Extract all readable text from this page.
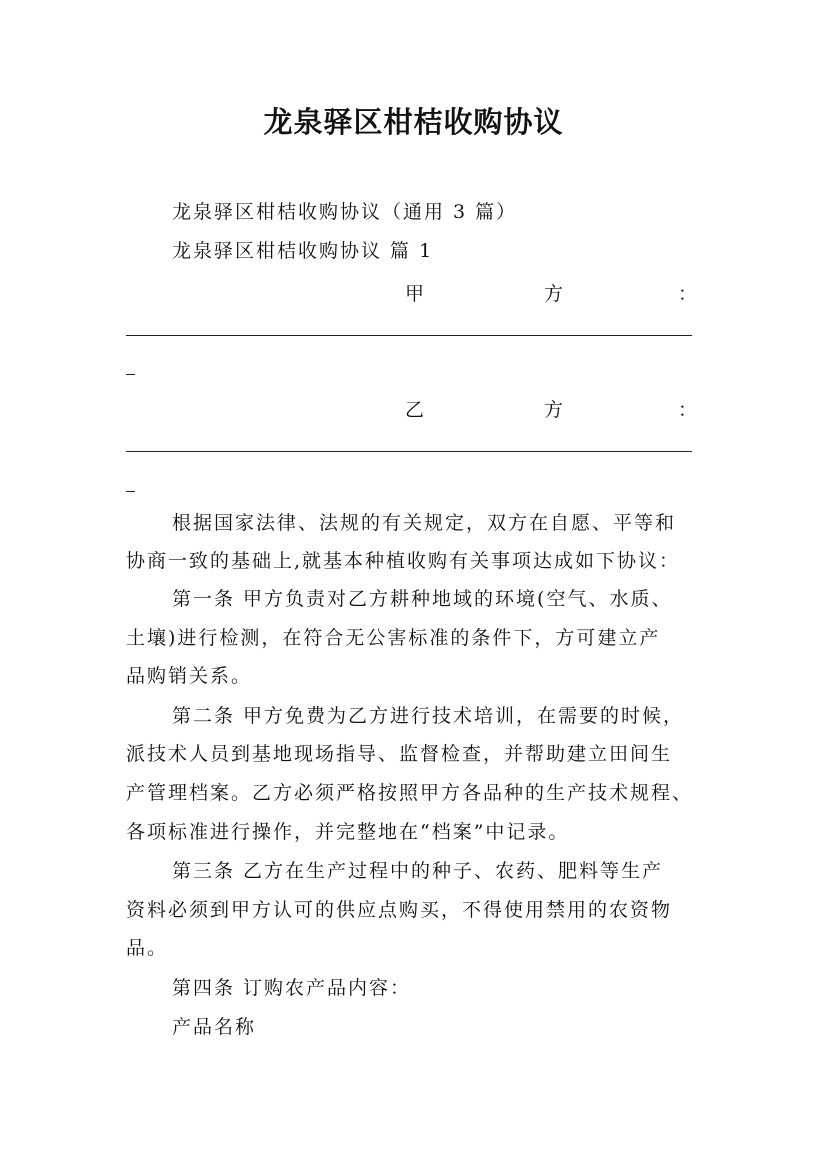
龙泉驿区柑桔收购协议
龙泉驿区柑桔收购协议（通用 3 篇）
龙泉驿区柑桔收购协议 篇 1
甲	方	：
乙	方	：
根据国家法律、法规的有关规定，双方在自愿、平等和
协商一致的基础上,就基本种植收购有关事项达成如下协议：
第一条 甲方负责对乙方耕种地域的环境(空气、水质、
土壤)进行检测，在符合无公害标准的条件下，方可建立产
品购销关系。
第二条 甲方免费为乙方进行技术培训，在需要的时候，
派技术人员到基地现场指导、监督检查，并帮助建立田间生
产管理档案。乙方必须严格按照甲方各品种的生产技术规程、
各项标准进行操作，并完整地在“档案”中记录。
第三条 乙方在生产过程中的种子、农药、肥料等生产
资料必须到甲方认可的供应点购买，不得使用禁用的农资物
品。
第四条 订购农产品内容：
产品名称
